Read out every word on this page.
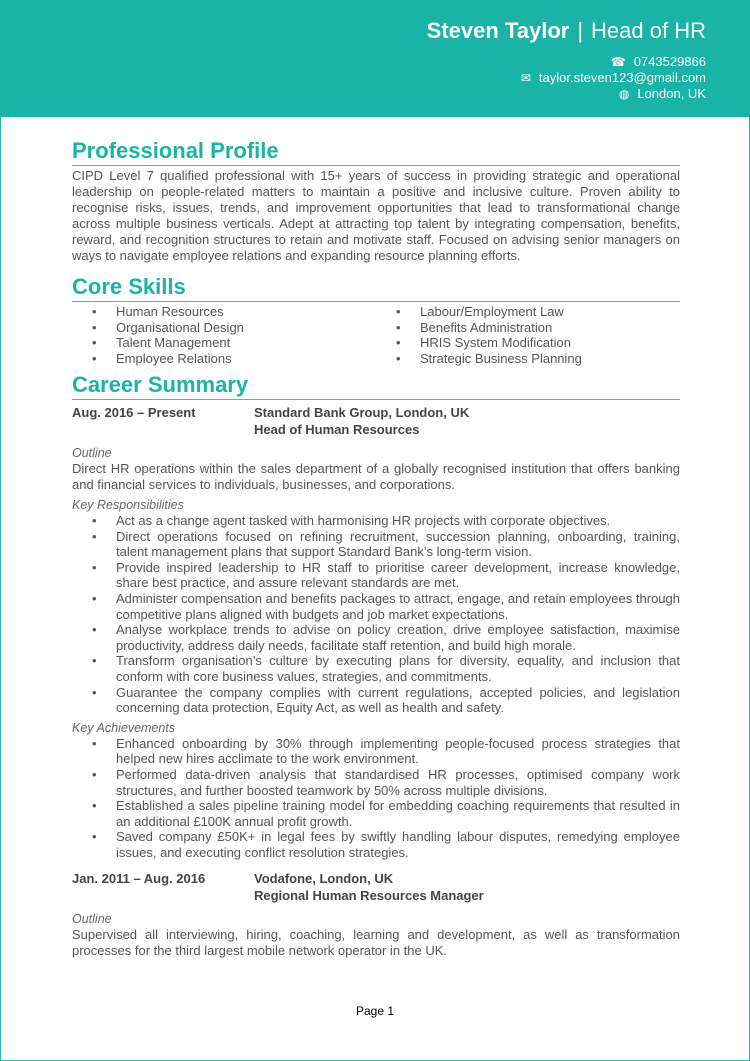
Steven Taylor | Head of HR
☎ 0743529866
✉ taylor.steven123@gmail.com
◍ London, UK
Professional Profile

CIPD Level 7 qualified professional with 15+ years of success in providing strategic and operational leadership on people-related matters to maintain a positive and inclusive culture. Proven ability to recognise risks, issues, trends, and improvement opportunities that lead to transformational change across multiple business verticals. Adept at attracting top talent by integrating compensation, benefits, reward, and recognition structures to retain and motivate staff. Focused on advising senior managers on ways to navigate employee relations and expanding resource planning efforts.

Core Skills
• Human Resources
• Organisational Design
• Talent Management
• Employee Relations
• Labour/Employment Law
• Benefits Administration
• HRIS System Modification
• Strategic Business Planning
Career Summary
Aug. 2016 – Present	Standard Bank Group, London, UK
Head of Human Resources
Outline

Direct HR operations within the sales department of a globally recognised institution that offers banking and financial services to individuals, businesses, and corporations.

Key Responsibilities
• Act as a change agent tasked with harmonising HR projects with corporate objectives.
• Direct operations focused on refining recruitment, succession planning, onboarding, training, talent management plans that support Standard Bank’s long-term vision.
• Provide inspired leadership to HR staff to prioritise career development, increase knowledge, share best practice, and assure relevant standards are met.
• Administer compensation and benefits packages to attract, engage, and retain employees through competitive plans aligned with budgets and job market expectations.
• Analyse workplace trends to advise on policy creation, drive employee satisfaction, maximise productivity, address daily needs, facilitate staff retention, and build high morale.
• Transform organisation’s culture by executing plans for diversity, equality, and inclusion that conform with core business values, strategies, and commitments.
• Guarantee the company complies with current regulations, accepted policies, and legislation concerning data protection, Equity Act, as well as health and safety.
Key Achievements
• Enhanced onboarding by 30% through implementing people-focused process strategies that helped new hires acclimate to the work environment.
• Performed data-driven analysis that standardised HR processes, optimised company work structures, and further boosted teamwork by 50% across multiple divisions.
• Established a sales pipeline training model for embedding coaching requirements that resulted in an additional £100K annual profit growth.
• Saved company £50K+ in legal fees by swiftly handling labour disputes, remedying employee issues, and executing conflict resolution strategies.
Jan. 2011 – Aug. 2016	Vodafone, London, UK
Regional Human Resources Manager
Outline

Supervised all interviewing, hiring, coaching, learning and development, as well as transformation processes for the third largest mobile network operator in the UK.

Page 1
